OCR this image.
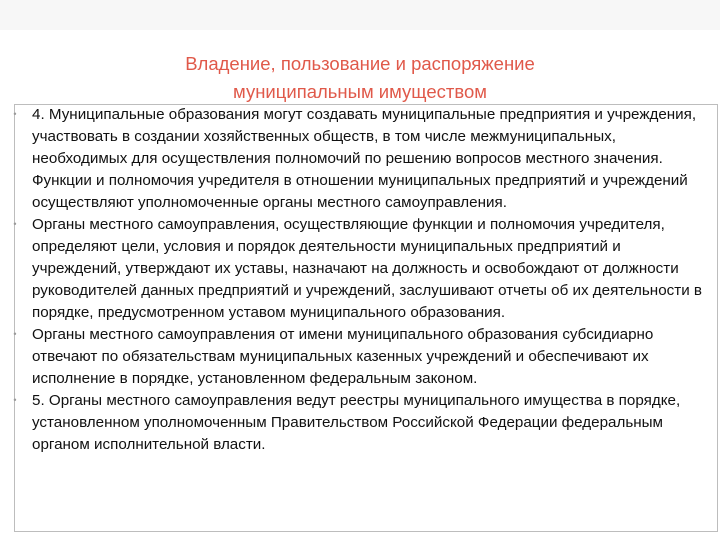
Владение, пользование и распоряжение
муниципальным имуществом
• 4. Муниципальные образования могут создавать муниципальные предприятия и учреждения, участвовать в создании хозяйственных обществ, в том числе межмуниципальных, необходимых для осуществления полномочий по решению вопросов местного значения. Функции и полномочия учредителя в отношении муниципальных предприятий и учреждений осуществляют уполномоченные органы местного самоуправления.
• Органы местного самоуправления, осуществляющие функции и полномочия учредителя, определяют цели, условия и порядок деятельности муниципальных предприятий и учреждений, утверждают их уставы, назначают на должность и освобождают от должности руководителей данных предприятий и учреждений, заслушивают отчеты об их деятельности в порядке, предусмотренном уставом муниципального образования.
• Органы местного самоуправления от имени муниципального образования субсидиарно отвечают по обязательствам муниципальных казенных учреждений и обеспечивают их исполнение в порядке, установленном федеральным законом.
• 5. Органы местного самоуправления ведут реестры муниципального имущества в порядке, установленном уполномоченным Правительством Российской Федерации федеральным органом исполнительной власти.
